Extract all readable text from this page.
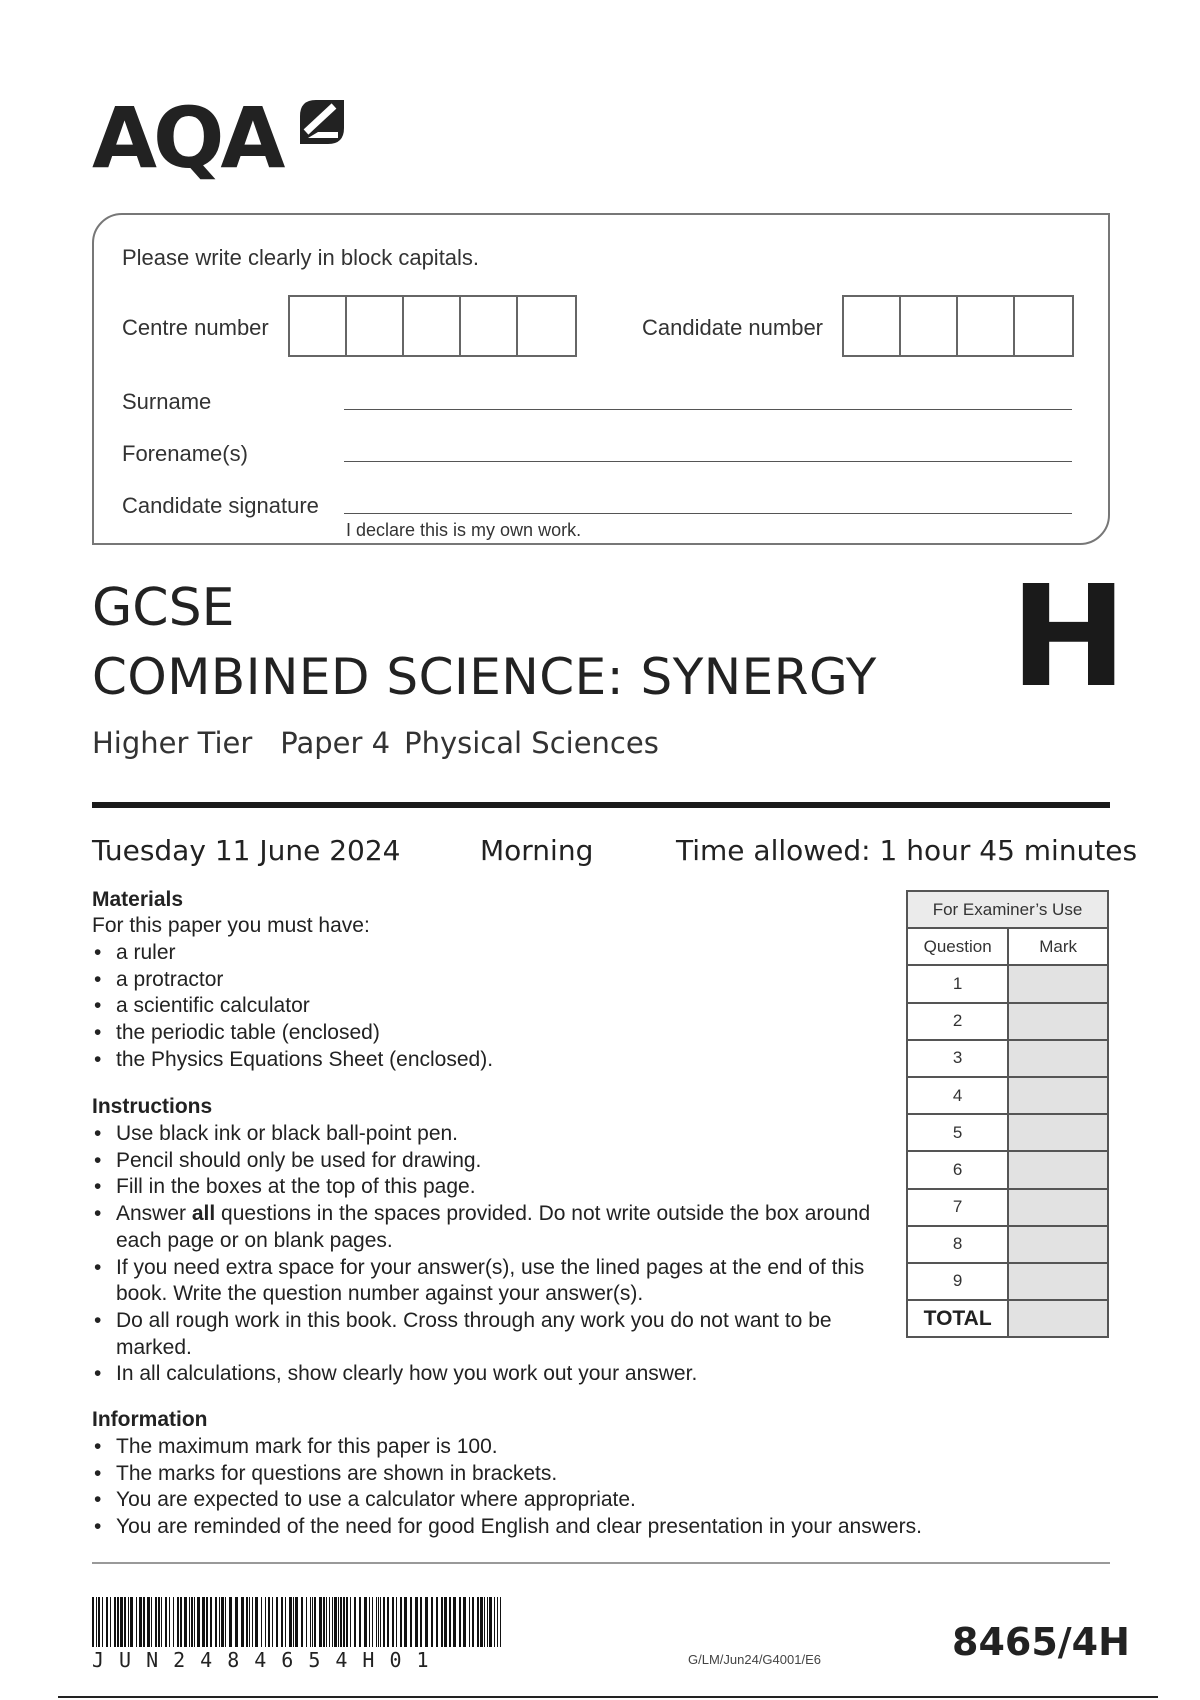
AQA
Please write clearly in block capitals.
Centre number	Candidate number
Surname
Forename(s)
Candidate signature
I declare this is my own work.
GCSE
COMBINED SCIENCE: SYNERGY H
Higher Tier Paper 4 Physical Sciences
Tuesday 11 June 2024	Morning	Time allowed: 1 hour 45 minutes
Materials
For this paper you must have:
• a ruler
• a protractor
• a scientific calculator
• the periodic table (enclosed)
• the Physics Equations Sheet (enclosed).
Instructions
• Use black ink or black ball-point pen.
• Pencil should only be used for drawing.
• Fill in the boxes at the top of this page.
• Answer all questions in the spaces provided. Do not write outside the box around each page or on blank pages.
• If you need extra space for your answer(s), use the lined pages at the end of this book. Write the question number against your answer(s).
• Do all rough work in this book. Cross through any work you do not want to be marked.
• In all calculations, show clearly how you work out your answer.
Information
• The maximum mark for this paper is 100.
• The marks for questions are shown in brackets.
• You are expected to use a calculator where appropriate.
• You are reminded of the need for good English and clear presentation in your answers.
For Examiner’s Use	
Question	Mark
1	
2	
3	
4	
5	
6	
7	
8	
9	
TOTAL	
JUN2484654H01	G/LM/Jun24/G4001/E6	8465/4H
